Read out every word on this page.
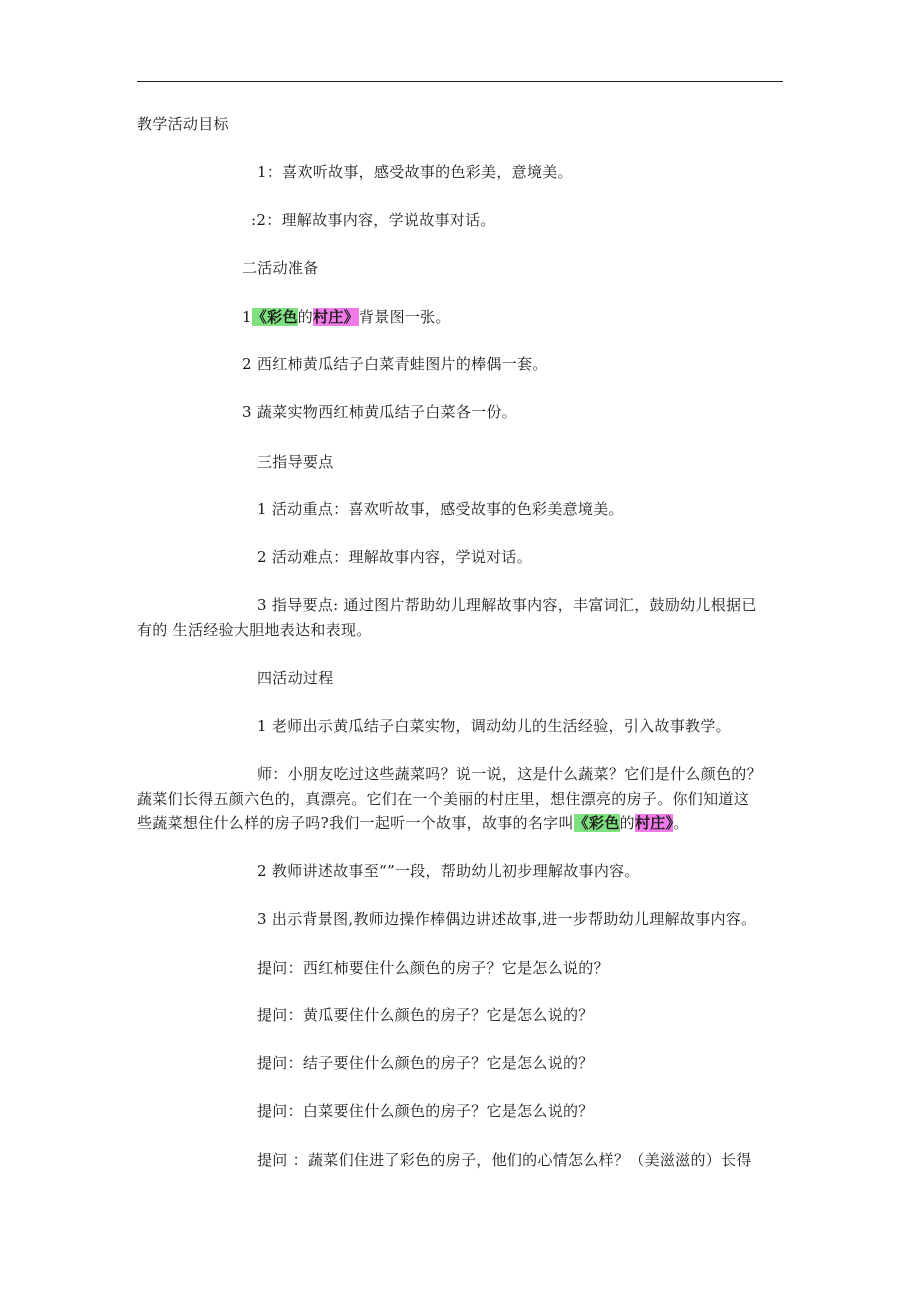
教学活动目标
1：喜欢听故事，感受故事的色彩美，意境美。
:2：理解故事内容，学说故事对话。
二活动准备
1《彩色的村庄》背景图一张。
2 西红柿黄瓜结子白菜青蛙图片的棒偶一套。
3 蔬菜实物西红柿黄瓜结子白菜各一份。
三指导要点
1 活动重点：喜欢听故事，感受故事的色彩美意境美。
2 活动难点：理解故事内容，学说对话。
3 指导要点: 通过图片帮助幼儿理解故事内容，丰富词汇，鼓励幼儿根据已
有的 生活经验大胆地表达和表现。
四活动过程
1 老师出示黄瓜结子白菜实物，调动幼儿的生活经验，引入故事教学。
师：小朋友吃过这些蔬菜吗？说一说，这是什么蔬菜？它们是什么颜色的？
蔬菜们长得五颜六色的，真漂亮。它们在一个美丽的村庄里，想住漂亮的房子。你们知道这
些蔬菜想住什么样的房子吗?我们一起听一个故事，故事的名字叫《彩色的村庄》。
2 教师讲述故事至“”一段，帮助幼儿初步理解故事内容。
3 出示背景图,教师边操作棒偶边讲述故事,进一步帮助幼儿理解故事内容。
提问：西红柿要住什么颜色的房子？它是怎么说的？
提问：黄瓜要住什么颜色的房子？它是怎么说的？
提问：结子要住什么颜色的房子？它是怎么说的？
提问：白菜要住什么颜色的房子？它是怎么说的？
提问 ：蔬菜们住进了彩色的房子，他们的心情怎么样？（美滋滋的）长得
